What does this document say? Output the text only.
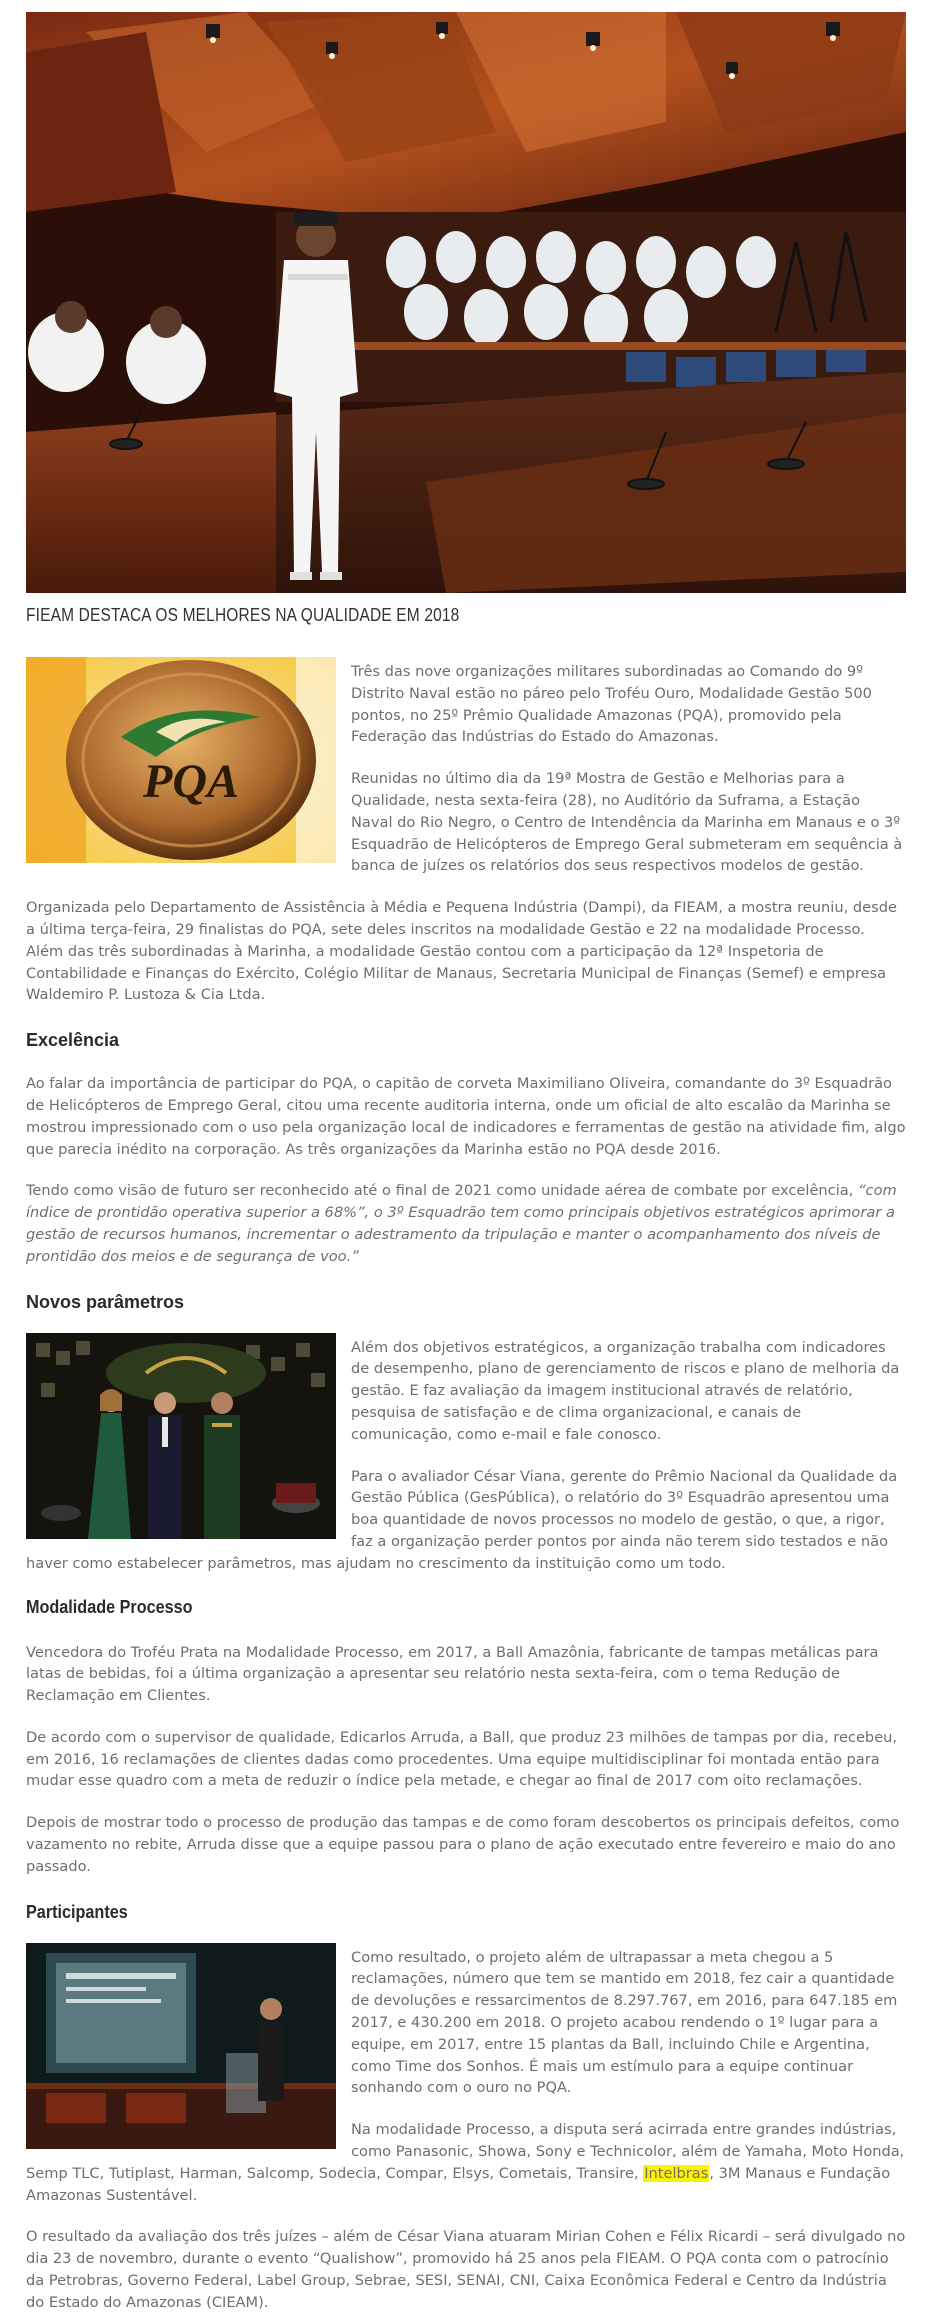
FIEAM DESTACA OS MELHORES NA QUALIDADE EM 2018
PQA

Três das nove organizações militares subordinadas ao Comando do 9º Distrito Naval estão no páreo pelo Troféu Ouro, Modalidade Gestão 500 pontos, no 25º Prêmio Qualidade Amazonas (PQA), promovido pela Federação das Indústrias do Estado do Amazonas.

Reunidas no último dia da 19ª Mostra de Gestão e Melhorias para a Qualidade, nesta sexta-feira (28), no Auditório da Suframa, a Estação Naval do Rio Negro, o Centro de Intendência da Marinha em Manaus e o 3º Esquadrão de Helicópteros de Emprego Geral submeteram em sequência à banca de juízes os relatórios dos seus respectivos modelos de gestão.

Organizada pelo Departamento de Assistência à Média e Pequena Indústria (Dampi), da FIEAM, a mostra reuniu, desde a última terça-feira, 29 finalistas do PQA, sete deles inscritos na modalidade Gestão e 22 na modalidade Processo. Além das três subordinadas à Marinha, a modalidade Gestão contou com a participação da 12ª Inspetoria de Contabilidade e Finanças do Exército, Colégio Militar de Manaus, Secretaria Municipal de Finanças (Semef) e empresa Waldemiro P. Lustoza & Cia Ltda.

Excelência

Ao falar da importância de participar do PQA, o capitão de corveta Maximiliano Oliveira, comandante do 3º Esquadrão de Helicópteros de Emprego Geral, citou uma recente auditoria interna, onde um oficial de alto escalão da Marinha se mostrou impressionado com o uso pela organização local de indicadores e ferramentas de gestão na atividade fim, algo que parecia inédito na corporação. As três organizações da Marinha estão no PQA desde 2016.

Tendo como visão de futuro ser reconhecido até o final de 2021 como unidade aérea de combate por excelência, “com índice de prontidão operativa superior a 68%”, o 3º Esquadrão tem como principais objetivos estratégicos aprimorar a gestão de recursos humanos, incrementar o adestramento da tripulação e manter o acompanhamento dos níveis de prontidão dos meios e de segurança de voo.”

Novos parâmetros

Além dos objetivos estratégicos, a organização trabalha com indicadores de desempenho, plano de gerenciamento de riscos e plano de melhoria da gestão. E faz avaliação da imagem institucional através de relatório, pesquisa de satisfação e de clima organizacional, e canais de comunicação, como e-mail e fale conosco.

Para o avaliador César Viana, gerente do Prêmio Nacional da Qualidade da Gestão Pública (GesPública), o relatório do 3º Esquadrão apresentou uma boa quantidade de novos processos no modelo de gestão, o que, a rigor, faz a organização perder pontos por ainda não terem sido testados e não haver como estabelecer parâmetros, mas ajudam no crescimento da instituição como um todo.

Modalidade Processo

Vencedora do Troféu Prata na Modalidade Processo, em 2017, a Ball Amazônia, fabricante de tampas metálicas para latas de bebidas, foi a última organização a apresentar seu relatório nesta sexta-feira, com o tema Redução de Reclamação em Clientes.

De acordo com o supervisor de qualidade, Edicarlos Arruda, a Ball, que produz 23 milhões de tampas por dia, recebeu, em 2016, 16 reclamações de clientes dadas como procedentes. Uma equipe multidisciplinar foi montada então para mudar esse quadro com a meta de reduzir o índice pela metade, e chegar ao final de 2017 com oito reclamações.

Depois de mostrar todo o processo de produção das tampas e de como foram descobertos os principais defeitos, como vazamento no rebite, Arruda disse que a equipe passou para o plano de ação executado entre fevereiro e maio do ano passado.

Participantes

Como resultado, o projeto além de ultrapassar a meta chegou a 5 reclamações, número que tem se mantido em 2018, fez cair a quantidade de devoluções e ressarcimentos de 8.297.767, em 2016, para 647.185 em 2017, e 430.200 em 2018. O projeto acabou rendendo o 1º lugar para a equipe, em 2017, entre 15 plantas da Ball, incluindo Chile e Argentina, como Time dos Sonhos. É mais um estímulo para a equipe continuar sonhando com o ouro no PQA.

Na modalidade Processo, a disputa será acirrada entre grandes indústrias, como Panasonic, Showa, Sony e Technicolor, além de Yamaha, Moto Honda, Semp TLC, Tutiplast, Harman, Salcomp, Sodecia, Compar, Elsys, Cometais, Transire, Intelbras, 3M Manaus e Fundação Amazonas Sustentável.

O resultado da avaliação dos três juízes – além de César Viana atuaram Mirian Cohen e Félix Ricardi – será divulgado no dia 23 de novembro, durante o evento “Qualishow”, promovido há 25 anos pela FIEAM. O PQA conta com o patrocínio da Petrobras, Governo Federal, Label Group, Sebrae, SESI, SENAI, CNI, Caixa Econômica Federal e Centro da Indústria do Estado do Amazonas (CIEAM).
